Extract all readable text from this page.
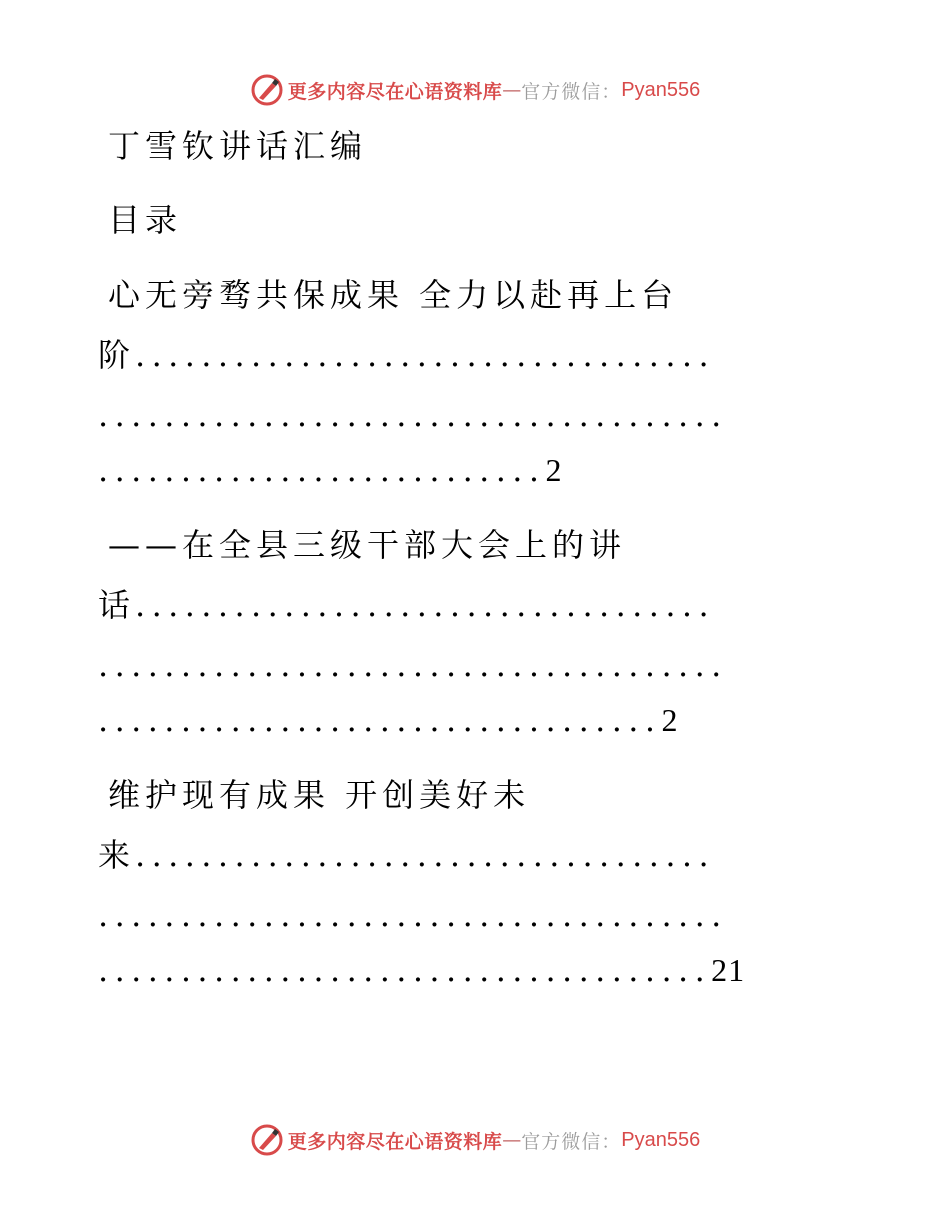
更多内容尽在心语资料库 — 官方微信： Pyan556
丁雪钦讲话汇编
目录
心无旁骛共保成果 全力以赴再上台
阶...................................
......................................
...........................2
——在全县三级干部大会上的讲
话...................................
......................................
..................................2
维护现有成果 开创美好未
来...................................
......................................
.....................................21
更多内容尽在心语资料库 — 官方微信： Pyan556
